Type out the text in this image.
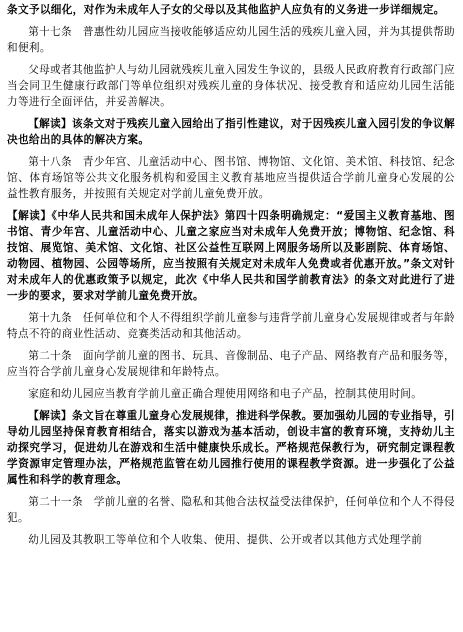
条文予以细化，对作为未成年人子女的父母以及其他监护人应负有的义务进一步详细规定。

第十七条　普惠性幼儿园应当接收能够适应幼儿园生活的残疾儿童入园，并为其提供帮助和便利。

父母或者其他监护人与幼儿园就残疾儿童入园发生争议的，县级人民政府教育行政部门应当会同卫生健康行政部门等单位组织对残疾儿童的身体状况、接受教育和适应幼儿园生活能力等进行全面评估，并妥善解决。

【解读】该条文对于残疾儿童入园给出了指引性建议，对于因残疾儿童入园引发的争议解决也给出的具体的解决方案。

第十八条　青少年宫、儿童活动中心、图书馆、博物馆、文化馆、美术馆、科技馆、纪念馆、体育场馆等公共文化服务机构和爱国主义教育基地应当提供适合学前儿童身心发展的公益性教育服务，并按照有关规定对学前儿童免费开放。

【解读】《中华人民共和国未成年人保护法》第四十四条明确规定：“爱国主义教育基地、图书馆、青少年宫、儿童活动中心、儿童之家应当对未成年人免费开放；博物馆、纪念馆、科技馆、展览馆、美术馆、文化馆、社区公益性互联网上网服务场所以及影剧院、体育场馆、动物园、植物园、公园等场所，应当按照有关规定对未成年人免费或者优惠开放。”条文对针对未成年人的优惠政策予以规定，此次《中华人民共和国学前教育法》的条文对此进行了进一步的要求，要求对学前儿童免费开放。

第十九条　任何单位和个人不得组织学前儿童参与违背学前儿童身心发展规律或者与年龄特点不符的商业性活动、竞赛类活动和其他活动。

第二十条　面向学前儿童的图书、玩具、音像制品、电子产品、网络教育产品和服务等，应当符合学前儿童身心发展规律和年龄特点。

家庭和幼儿园应当教育学前儿童正确合理使用网络和电子产品，控制其使用时间。

【解读】条文旨在尊重儿童身心发展规律，推进科学保教。要加强幼儿园的专业指导，引导幼儿园坚持保育教育相结合，落实以游戏为基本活动，创设丰富的教育环境，支持幼儿主动探究学习，促进幼儿在游戏和生活中健康快乐成长。严格规范保教行为，研究制定课程教学资源审定管理办法，严格规范监管在幼儿园推行使用的课程教学资源。进一步强化了公益属性和科学的教育理念。

第二十一条　学前儿童的名誉、隐私和其他合法权益受法律保护，任何单位和个人不得侵犯。

幼儿园及其教职工等单位和个人收集、使用、提供、公开或者以其他方式处理学前
